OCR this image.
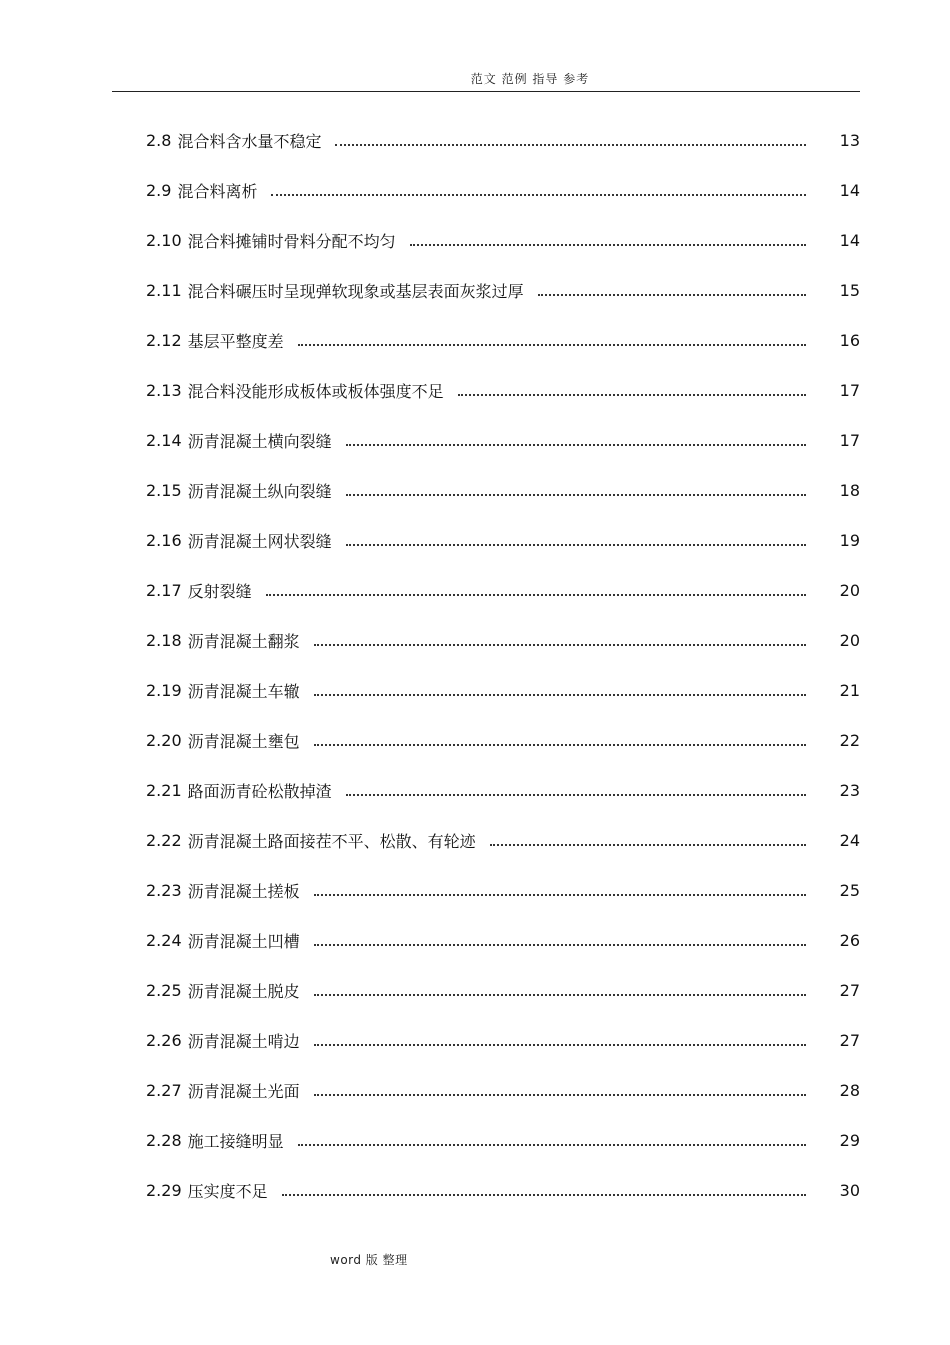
范文 范例 指导 参考
2.8 混合料含水量不稳定	13
2.9 混合料离析	14
2.10 混合料摊铺时骨料分配不均匀	14
2.11 混合料碾压时呈现弹软现象或基层表面灰浆过厚	15
2.12 基层平整度差	16
2.13 混合料没能形成板体或板体强度不足	17
2.14 沥青混凝土横向裂缝	17
2.15 沥青混凝土纵向裂缝	18
2.16 沥青混凝土网状裂缝	19
2.17 反射裂缝	20
2.18 沥青混凝土翻浆	20
2.19 沥青混凝土车辙	21
2.20 沥青混凝土壅包	22
2.21 路面沥青砼松散掉渣	23
2.22 沥青混凝土路面接茬不平、松散、有轮迹	24
2.23 沥青混凝土搓板	25
2.24 沥青混凝土凹槽	26
2.25 沥青混凝土脱皮	27
2.26 沥青混凝土啃边	27
2.27 沥青混凝土光面	28
2.28 施工接缝明显	29
2.29 压实度不足	30
word 版 整理
